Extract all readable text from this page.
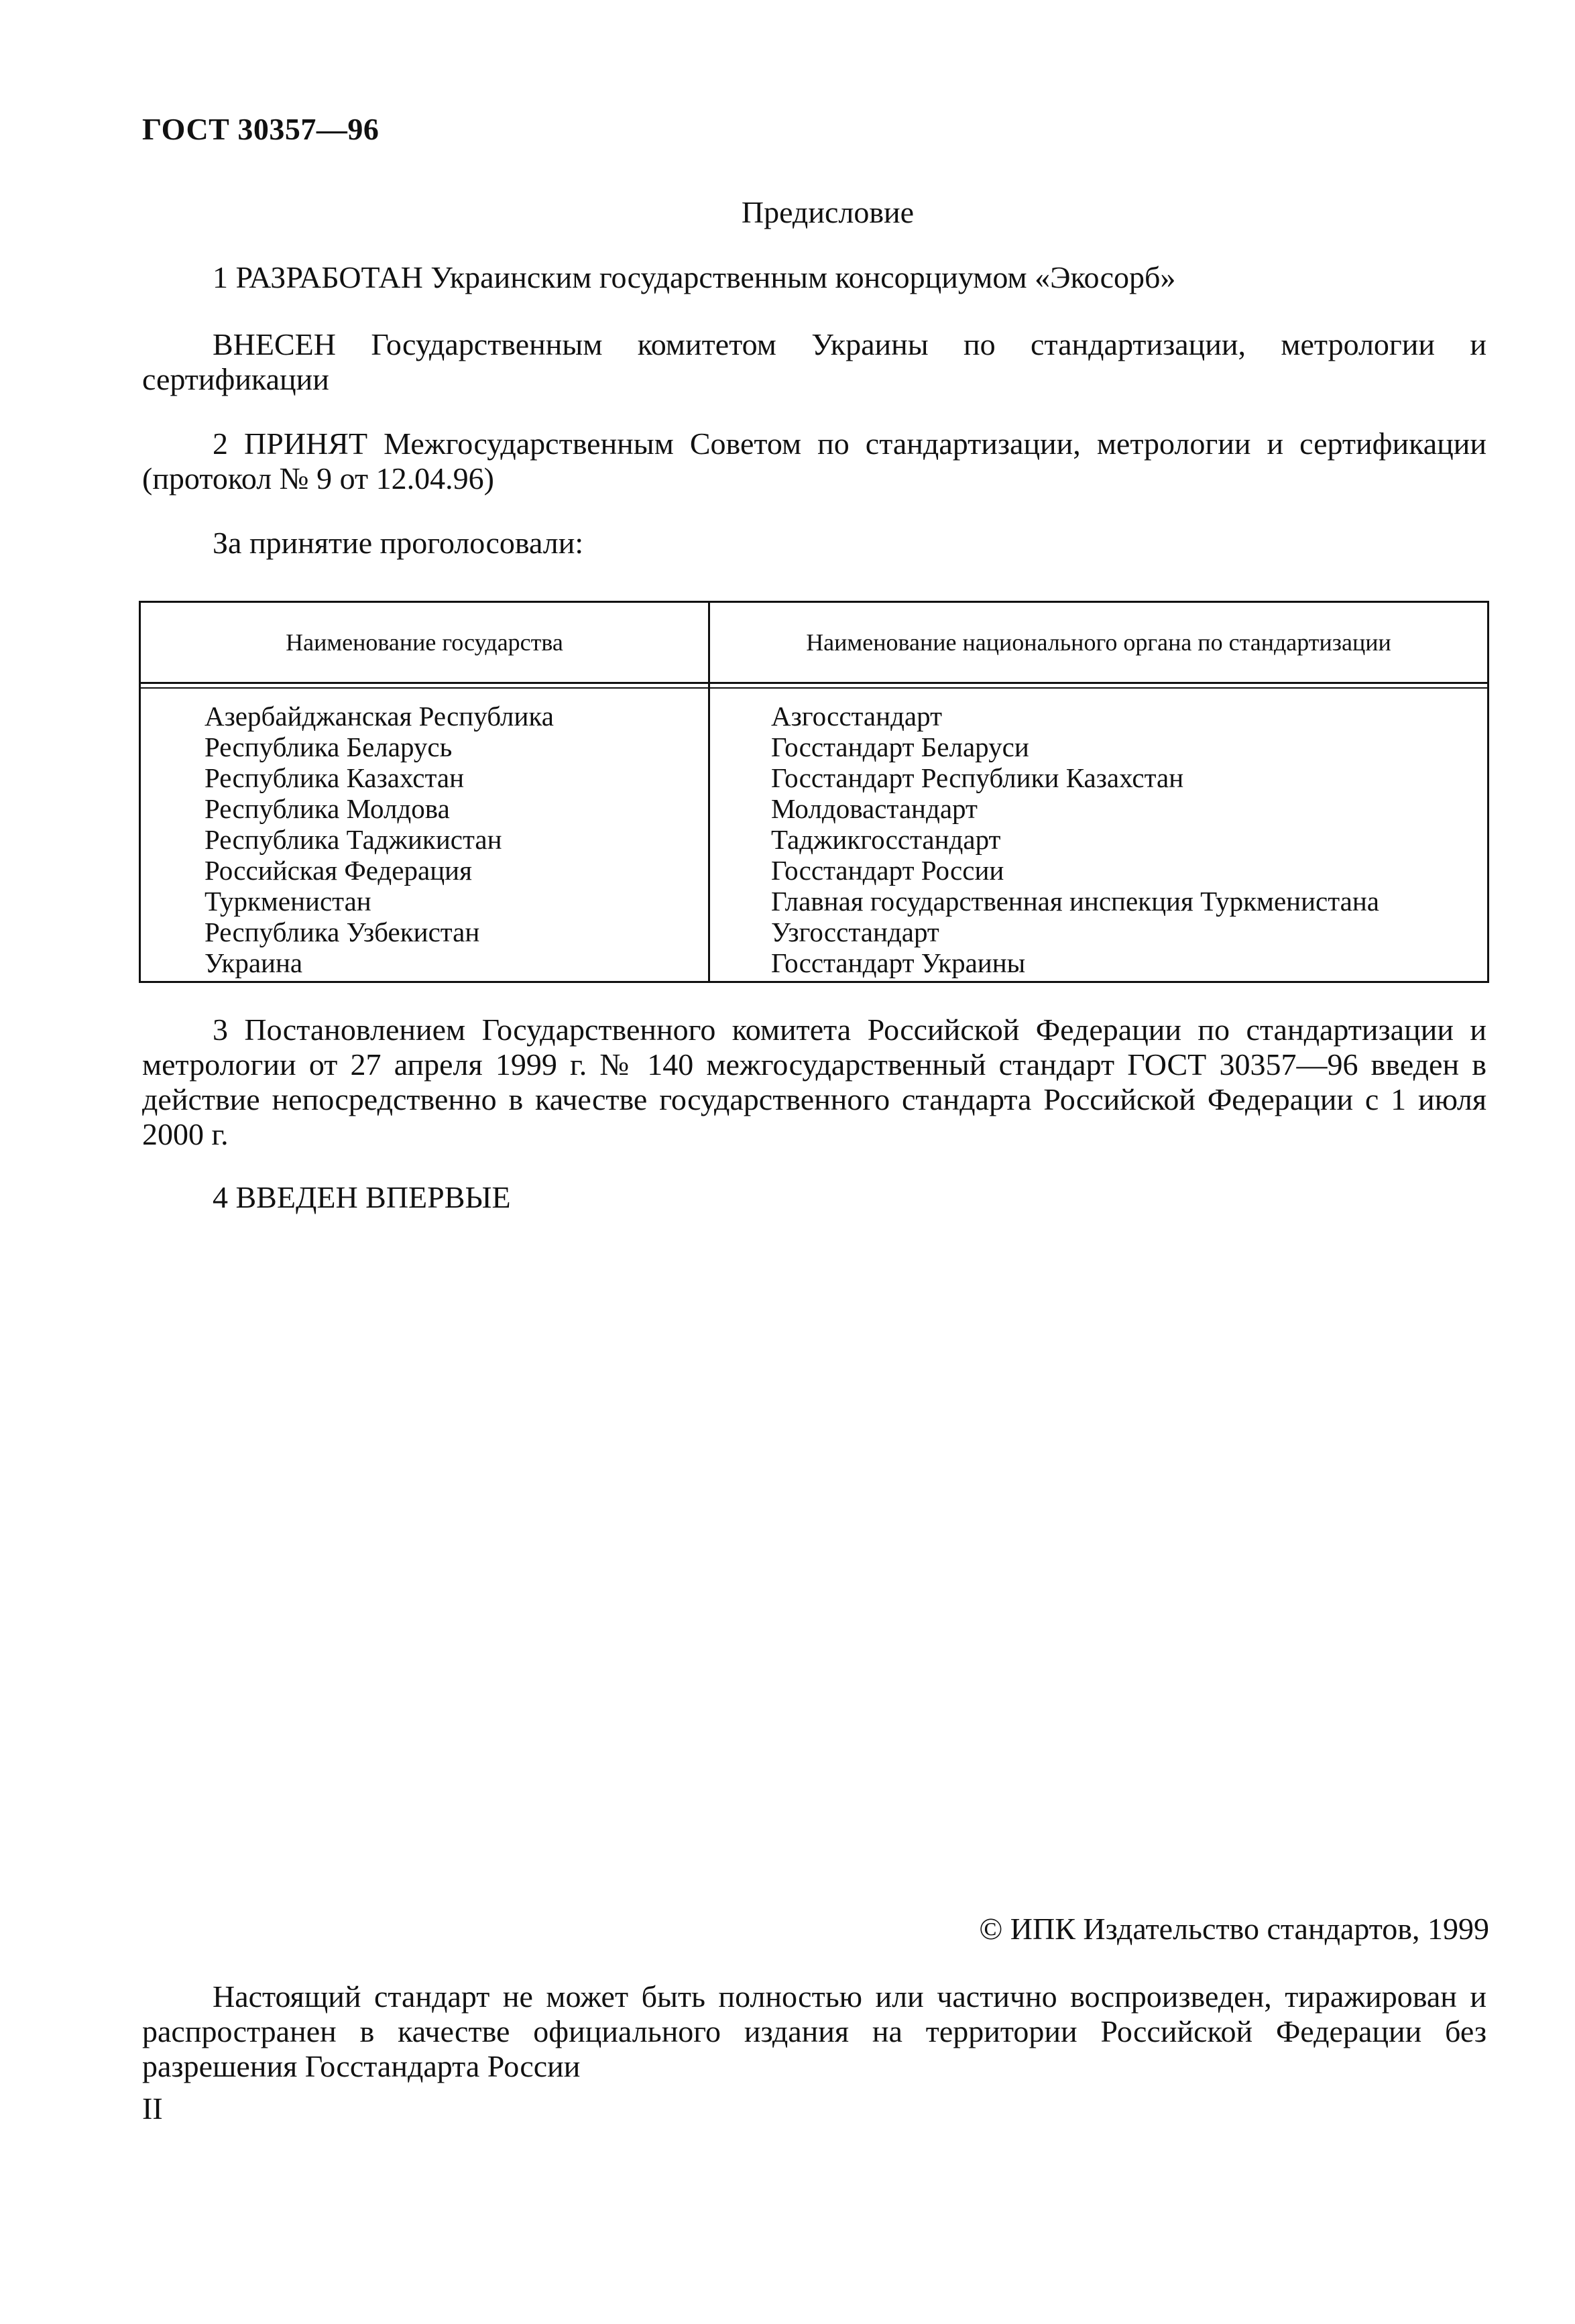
ГОСТ 30357—96
Предисловие

1 РАЗРАБОТАН Украинским государственным консорциумом «Экосорб»

ВНЕСЕН Государственным комитетом Украины по стандартизации, метрологии и сертификации

2 ПРИНЯТ Межгосударственным Советом по стандартизации, метрологии и сертификации (протокол № 9 от 12.04.96)

За принятие проголосовали:

Наименование государства	Наименование национального органа по стандартизации
Азербайджанская Республика
Республика Беларусь
Республика Казахстан
Республика Молдова
Республика Таджикистан
Российская Федерация
Туркменистан
Республика Узбекистан
Украина
Азгосстандарт
Госстандарт Беларуси
Госстандарт Республики Казахстан
Молдовастандарт
Таджикгосстандарт
Госстандарт России
Главная государственная инспекция Туркменистана
Узгосстандарт
Госстандарт Украины

3 Постановлением Государственного комитета Российской Федерации по стандартизации и метрологии от 27 апреля 1999 г. № 140 межгосударственный стандарт ГОСТ 30357—96 введен в действие непосредственно в качестве государственного стандарта Российской Федерации с 1 июля 2000 г.

4 ВВЕДЕН ВПЕРВЫЕ

© ИПК Издательство стандартов, 1999

Настоящий стандарт не может быть полностью или частично воспроизведен, тиражирован и распространен в качестве официального издания на территории Российской Федерации без разрешения Госстандарта России

II
